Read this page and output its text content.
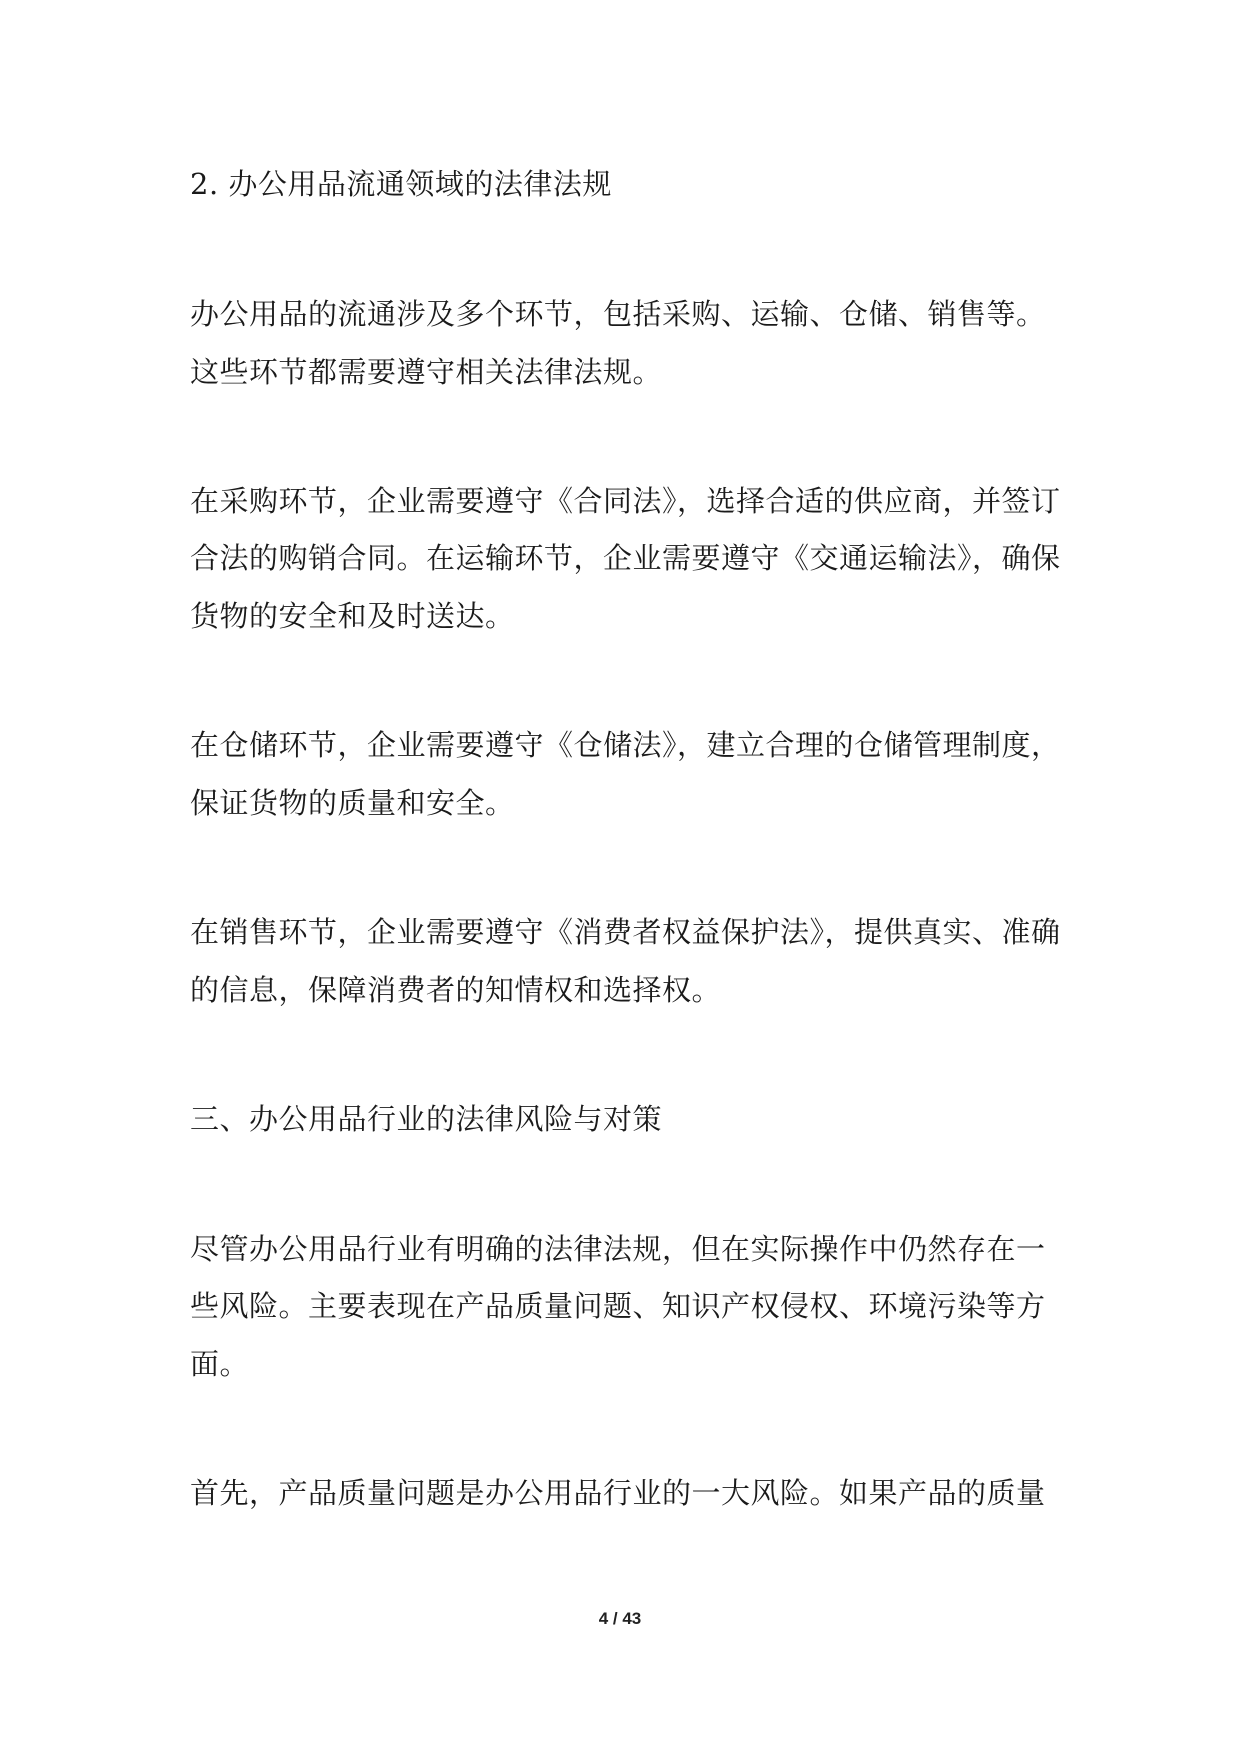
2. 办公用品流通领域的法律法规
办公用品的流通涉及多个环节，包括采购、运输、仓储、销售等。
这些环节都需要遵守相关法律法规。
在采购环节，企业需要遵守《合同法》，选择合适的供应商，并签订
合法的购销合同。在运输环节，企业需要遵守《交通运输法》，确保
货物的安全和及时送达。
在仓储环节，企业需要遵守《仓储法》，建立合理的仓储管理制度，
保证货物的质量和安全。
在销售环节，企业需要遵守《消费者权益保护法》，提供真实、准确
的信息，保障消费者的知情权和选择权。
三、办公用品行业的法律风险与对策
尽管办公用品行业有明确的法律法规，但在实际操作中仍然存在一
些风险。主要表现在产品质量问题、知识产权侵权、环境污染等方
面。
首先，产品质量问题是办公用品行业的一大风险。如果产品的质量
4 / 43
